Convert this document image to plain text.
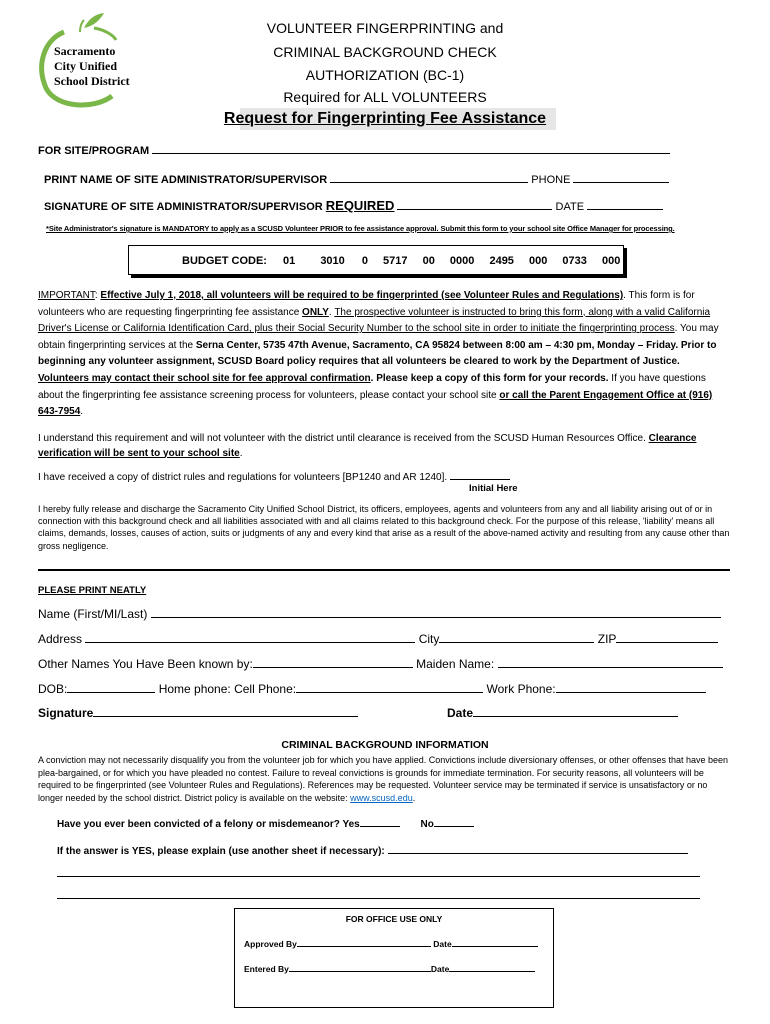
Sacramento
City Unified
School District
VOLUNTEER FINGERPRINTING and
CRIMINAL BACKGROUND CHECK
AUTHORIZATION (BC-1)
Required for ALL VOLUNTEERS
Request for Fingerprinting Fee Assistance
FOR SITE/PROGRAM
PRINT NAME OF SITE ADMINISTRATOR/SUPERVISOR	PHONE
SIGNATURE OF SITE ADMINISTRATOR/SUPERVISOR REQUIRED	DATE
*Site Administrator's signature is MANDATORY to apply as a SCUSD Volunteer PRIOR to fee assistance approval. Submit this form to your school site Office Manager for processing.
BUDGET CODE: 01 3010 0 5717 00 0000 2495 000 0733 000
IMPORTANT: Effective July 1, 2018, all volunteers will be required to be fingerprinted (see Volunteer Rules and Regulations). This form is for volunteers who are requesting fingerprinting fee assistance ONLY. The prospective volunteer is instructed to bring this form, along with a valid California Driver's License or California Identification Card, plus their Social Security Number to the school site in order to initiate the fingerprinting process. You may obtain fingerprinting services at the Serna Center, 5735 47th Avenue, Sacramento, CA 95824 between 8:00 am – 4:30 pm, Monday – Friday. Prior to beginning any volunteer assignment, SCUSD Board policy requires that all volunteers be cleared to work by the Department of Justice. Volunteers may contact their school site for fee approval confirmation. Please keep a copy of this form for your records. If you have questions about the fingerprinting fee assistance screening process for volunteers, please contact your school site or call the Parent Engagement Office at (916) 643-7954.
I understand this requirement and will not volunteer with the district until clearance is received from the SCUSD Human Resources Office. Clearance verification will be sent to your school site.
I have received a copy of district rules and regulations for volunteers [BP1240 and AR 1240].
Initial Here
I hereby fully release and discharge the Sacramento City Unified School District, its officers, employees, agents and volunteers from any and all liability arising out of or in connection with this background check and all liabilities associated with and all claims related to this background check. For the purpose of this release, 'liability' means all claims, demands, losses, causes of action, suits or judgments of any and every kind that arise as a result of the above-named activity and resulting from any cause other than gross negligence.
PLEASE PRINT NEATLY
Name (First/MI/Last)
Address	City	ZIP
Other Names You Have Been known by:	Maiden Name:
DOB:	Home phone: Cell Phone:	Work Phone:
Signature	Date
CRIMINAL BACKGROUND INFORMATION
A conviction may not necessarily disqualify you from the volunteer job for which you have applied. Convictions include diversionary offenses, or other offenses that have been plea-bargained, or for which you have pleaded no contest. Failure to reveal convictions is grounds for immediate termination. For security reasons, all volunteers will be required to be fingerprinted (see Volunteer Rules and Regulations). References may be requested. Volunteer service may be terminated if service is unsatisfactory or no longer needed by the school district. District policy is available on the website: www.scusd.edu.
Have you ever been convicted of a felony or misdemeanor? Yes	No
If the answer is YES, please explain (use another sheet if necessary):
FOR OFFICE USE ONLY
Approved By	Date
Entered By	Date
